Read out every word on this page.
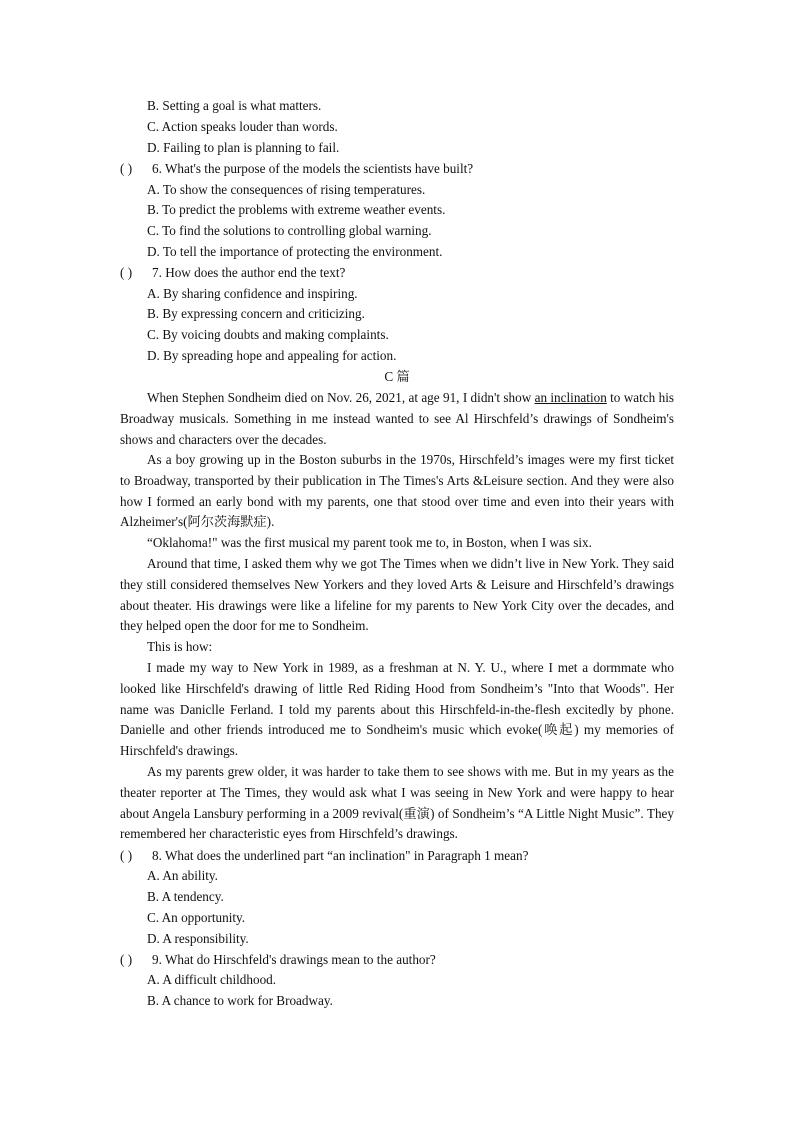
B. Setting a goal is what matters.
C. Action speaks louder than words.
D. Failing to plan is planning to fail.
( ) 6. What's the purpose of the models the scientists have built?
A. To show the consequences of rising temperatures.
B. To predict the problems with extreme weather events.
C. To find the solutions to controlling global warning.
D. To tell the importance of protecting the environment.
( ) 7. How does the author end the text?
A. By sharing confidence and inspiring.
B. By expressing concern and criticizing.
C. By voicing doubts and making complaints.
D. By spreading hope and appealing for action.
C 篇
When Stephen Sondheim died on Nov. 26, 2021, at age 91, I didn't show an inclination to watch his Broadway musicals. Something in me instead wanted to see Al Hirschfeld’s drawings of Sondheim's shows and characters over the decades.
As a boy growing up in the Boston suburbs in the 1970s, Hirschfeld’s images were my first ticket to Broadway, transported by their publication in The Times's Arts &Leisure section. And they were also how I formed an early bond with my parents, one that stood over time and even into their years with Alzheimer's(阿尔茨海默症).
“Oklahoma!" was the first musical my parent took me to, in Boston, when I was six.
Around that time, I asked them why we got The Times when we didn’t live in New York. They said they still considered themselves New Yorkers and they loved Arts & Leisure and Hirschfeld’s drawings about theater. His drawings were like a lifeline for my parents to New York City over the decades, and they helped open the door for me to Sondheim.
This is how:
I made my way to New York in 1989, as a freshman at N. Y. U., where I met a dormmate who looked like Hirschfeld's drawing of little Red Riding Hood from Sondheim’s "Into that Woods". Her name was Danicllе Ferland. I told my parents about this Hirschfeld-in-the-flesh excitedly by phone. Danielle and other friends introduced me to Sondheim's music which evoke(唤起) my memories of Hirschfeld's drawings.
As my parents grew older, it was harder to take them to see shows with me. But in my years as the theater reporter at The Times, they would ask what I was seeing in New York and were happy to hear about Angela Lansbury performing in a 2009 revival(重演) of Sondheim’s “A Little Night Music”. They remembered her characteristic eyes from Hirschfeld’s drawings.
( ) 8. What does the underlined part “an inclination" in Paragraph 1 mean?
A. An ability.
B. A tendency.
C. An opportunity.
D. A responsibility.
( ) 9. What do Hirschfeld's drawings mean to the author?
A. A difficult childhood.
B. A chance to work for Broadway.
